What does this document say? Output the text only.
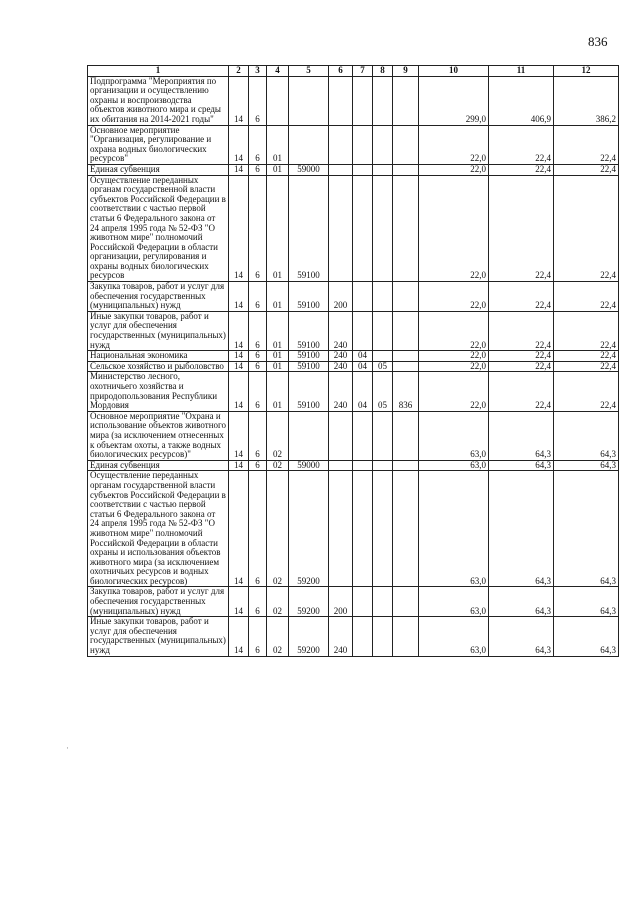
836
1	2	3	4	5	6	7	8	9	10	11	12
Подпрограмма "Мероприятия по организации и осуществлению охраны и воспроизводства объектов животного мира и среды их обитания на 2014-2021 годы"	14	6							299,0	406,9	386,2
Основное мероприятие "Организация, регулирование и охрана водных биологических ресурсов"	14	6	01						22,0	22,4	22,4
Единая субвенция	14	6	01	59000					22,0	22,4	22,4
Осуществление переданных органам государственной власти субъектов Российской Федерации в соответствии с частью первой статьи 6 Федерального закона от 24 апреля 1995 года № 52-ФЗ "О животном мире" полномочий Российской Федерации в области организации, регулирования и охраны водных биологических ресурсов	14	6	01	59100					22,0	22,4	22,4
Закупка товаров, работ и услуг для обеспечения государственных (муниципальных) нужд	14	6	01	59100	200				22,0	22,4	22,4
Иные закупки товаров, работ и услуг для обеспечения государственных (муниципальных) нужд	14	6	01	59100	240				22,0	22,4	22,4
Национальная экономика	14	6	01	59100	240	04			22,0	22,4	22,4
Сельское хозяйство и рыболовство	14	6	01	59100	240	04	05		22,0	22,4	22,4
Министерство лесного, охотничьего хозяйства и природопользования Республики Мордовия	14	6	01	59100	240	04	05	836	22,0	22,4	22,4
Основное мероприятие "Охрана и использование объектов животного мира (за исключением отнесенных к объектам охоты, а также водных биологических ресурсов)"	14	6	02						63,0	64,3	64,3
Единая субвенция	14	6	02	59000					63,0	64,3	64,3
Осуществление переданных органам государственной власти субъектов Российской Федерации в соответствии с частью первой статьи 6 Федерального закона от 24 апреля 1995 года № 52-ФЗ "О животном мире" полномочий Российской Федерации в области охраны и использования объектов животного мира (за исключением охотничьих ресурсов и водных биологических ресурсов)	14	6	02	59200					63,0	64,3	64,3
Закупка товаров, работ и услуг для обеспечения государственных (муниципальных) нужд	14	6	02	59200	200				63,0	64,3	64,3
Иные закупки товаров, работ и услуг для обеспечения государственных (муниципальных) нужд	14	6	02	59200	240				63,0	64,3	64,3
·
